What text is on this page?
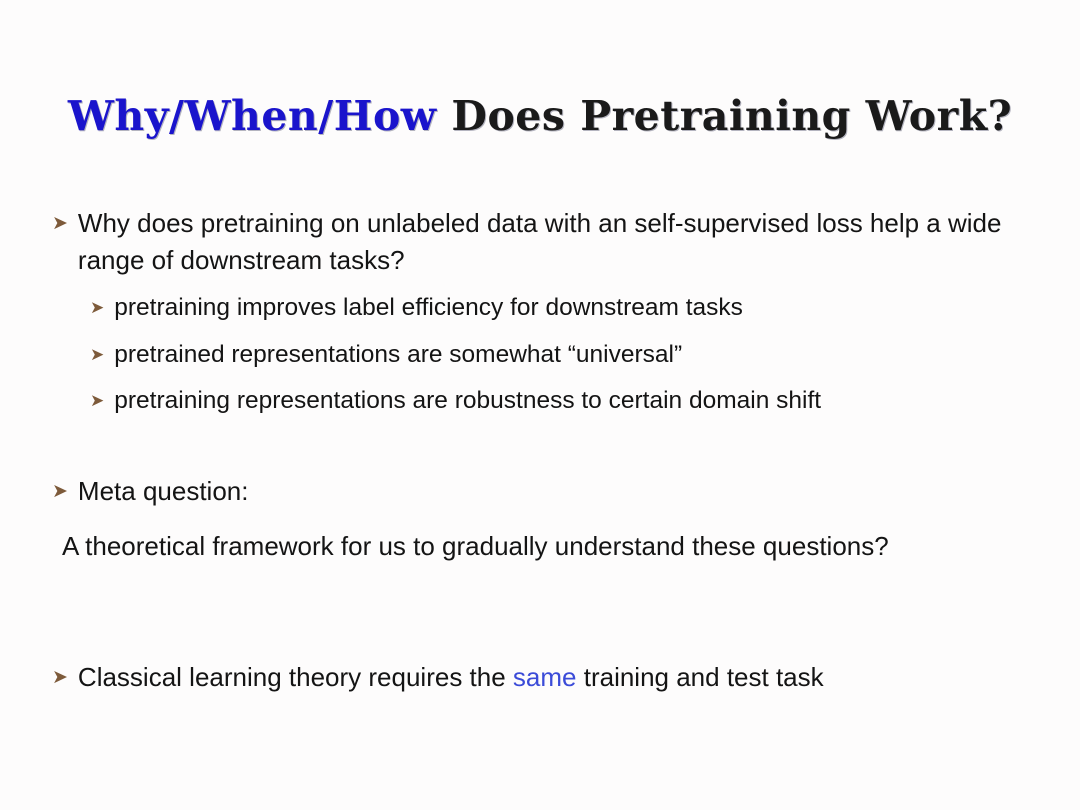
Why/When/How Does Pretraining Work?
➤ Why does pretraining on unlabeled data with an self-supervised loss help a wide range of downstream tasks?
➤ pretraining improves label efficiency for downstream tasks
➤ pretrained representations are somewhat “universal”
➤ pretraining representations are robustness to certain domain shift
➤ Meta question:
A theoretical framework for us to gradually understand these questions?
➤ Classical learning theory requires the same training and test task
